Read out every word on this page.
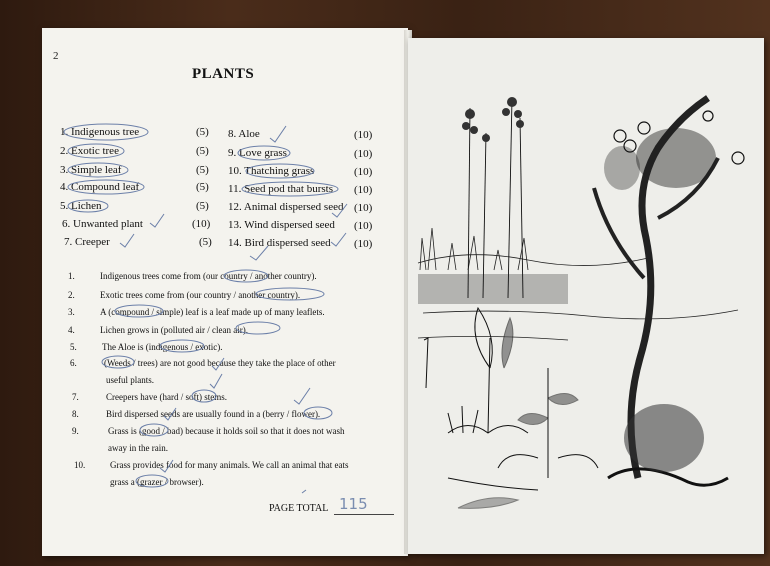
2
PLANTS
1. Indigenous tree	(5)
2. Exotic tree	(5)
3. Simple leaf	(5)
4. Compound leaf	(5)
5. Lichen	(5)
6. Unwanted plant	(10)
7. Creeper	(5)
8. Aloe	(10)
9. Love grass	(10)
10. Thatching grass	(10)
11. Seed pod that bursts (10)
12. Animal dispersed seed (10)
13. Wind dispersed seed (10)
14. Bird dispersed seed (10)
1.	Indigenous trees come from (our country / another country).
2.	Exotic trees come from (our country / another country).
3.	A (compound / simple) leaf is a leaf made up of many leaflets.
4.	Lichen grows in (polluted air / clean air).
5.	The Aloe is (indigenous / exotic).
6.	(Weeds / trees) are not good because they take the place of other
useful plants.
7.	Creepers have (hard / soft) stems.
8.	Bird dispersed seeds are usually found in a (berry / flower).
9.	Grass is (good / bad) because it holds soil so that it does not wash
away in the rain.
10.	Grass provides food for many animals. We call an animal that eats
grass a (grazer / browser).
PAGE TOTAL 115
